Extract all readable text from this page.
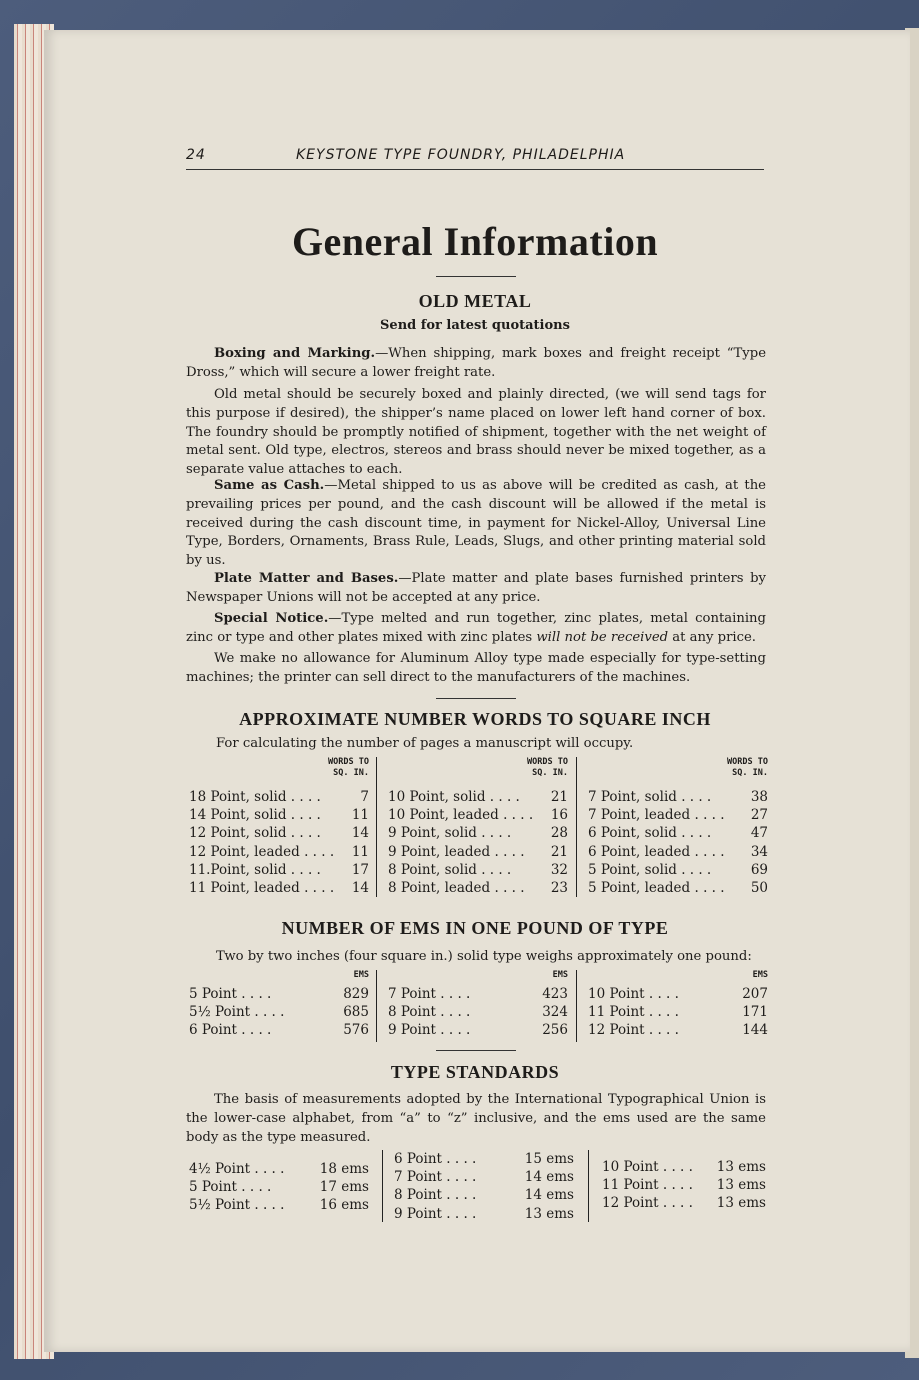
24	KEYSTONE TYPE FOUNDRY, PHILADELPHIA
General Information
OLD METAL
Send for latest quotations
Boxing and Marking.—When shipping, mark boxes and freight receipt “Type Dross,” which will secure a lower freight rate.
Old metal should be securely boxed and plainly directed, (we will send tags for this purpose if desired), the shipper’s name placed on lower left hand corner of box. The foundry should be promptly notified of shipment, together with the net weight of metal sent. Old type, electros, stereos and brass should never be mixed together, as a separate value attaches to each.
Same as Cash.—Metal shipped to us as above will be credited as cash, at the prevailing prices per pound, and the cash discount will be allowed if the metal is received during the cash discount time, in payment for Nickel-Alloy, Universal Line Type, Borders, Ornaments, Brass Rule, Leads, Slugs, and other printing material sold by us.
Plate Matter and Bases.—Plate matter and plate bases furnished printers by Newspaper Unions will not be accepted at any price.
Special Notice.—Type melted and run together, zinc plates, metal containing zinc or type and other plates mixed with zinc plates will not be received at any price.
We make no allowance for Aluminum Alloy type made especially for type-setting machines; the printer can sell direct to the manufacturers of the machines.
APPROXIMATE NUMBER WORDS TO SQUARE INCH
For calculating the number of pages a manuscript will occupy.
WORDS TO
SQ. IN.
18 Point, solid . . . .	7
14 Point, solid . . . . 11
12 Point, solid . . . . 14
12 Point, leaded . . . . 11
11.Point, solid . . . . 17
11 Point, leaded . . . . 14
WORDS TO
SQ. IN.
10 Point, solid . . . . 21
10 Point, leaded . . . . 16
9 Point, solid . . . .	28
9 Point, leaded . . . . 21
8 Point, solid . . . .	32
8 Point, leaded . . . . 23
WORDS TO
SQ. IN.
7 Point, solid . . . .	38
7 Point, leaded . . . . 27
6 Point, solid . . . .	47
6 Point, leaded . . . . 34
5 Point, solid . . . .	69
5 Point, leaded . . . . 50
NUMBER OF EMS IN ONE POUND OF TYPE
Two by two inches (four square in.) solid type weighs approximately one pound:
EMS
5 Point . . . .	829
5½ Point . . . .	685
6 Point . . . .	576
EMS
7 Point . . . .	423
8 Point . . . .	324
9 Point . . . .	256
EMS
10 Point . . . .	207
11 Point . . . .	171
12 Point . . . .	144
TYPE STANDARDS
The basis of measurements adopted by the International Typographical Union is the lower-case alphabet, from “a” to “z” inclusive, and the ems used are the same body as the type measured.
4½ Point . . . .	18 ems
5 Point . . . .	17 ems
5½ Point . . . .	16 ems
6 Point . . . .	15 ems
7 Point . . . .	14 ems
8 Point . . . .	14 ems
9 Point . . . .	13 ems
10 Point . . . . 13 ems
11 Point . . . . 13 ems
12 Point . . . . 13 ems
